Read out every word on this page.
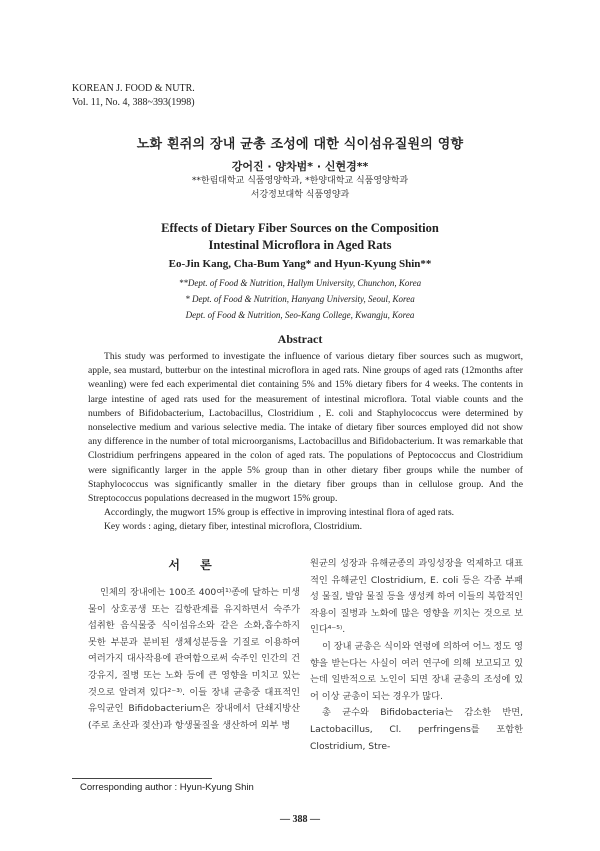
KOREAN J. FOOD & NUTR.
Vol. 11, No. 4, 388~393(1998)
노화 흰쥐의 장내 균총 조성에 대한 식이섬유질원의 영향
강어진 · 양차범* · 신현경**
**한림대학교 식품영양학과, *한양대학교 식품영양학과
서강정보대학 식품영양과
Effects of Dietary Fiber Sources on the Composition
Intestinal Microflora in Aged Rats
Eo-Jin Kang, Cha-Bum Yang* and Hyun-Kyung Shin**
**Dept. of Food & Nutrition, Hallym University, Chunchon, Korea
* Dept. of Food & Nutrition, Hanyang University, Seoul, Korea
Dept. of Food & Nutrition, Seo-Kang College, Kwangju, Korea
Abstract

This study was performed to investigate the influence of various dietary fiber sources such as mugwort, apple, sea mustard, butterbur on the intestinal microflora in aged rats. Nine groups of aged rats (12months after weanling) were fed each experimental diet containing 5% and 15% dietary fibers for 4 weeks. The contents in large intestine of aged rats used for the measurement of intestinal microflora. Total viable counts and the numbers of Bifidobacterium, Lactobacillus, Clostridium , E. coli and Staphylococcus were determined by nonselective medium and various selective media. The intake of dietary fiber sources employed did not show any difference in the number of total microorganisms, Lactobacillus and Bifidobacterium. It was remarkable that Clostridium perfringens appeared in the colon of aged rats. The populations of Peptococcus and Clostridium were significantly larger in the apple 5% group than in other dietary fiber groups while the number of Staphylococcus was significantly smaller in the dietary fiber groups than in cellulose group. And the Streptococcus populations decreased in the mugwort 15% group.

Accordingly, the mugwort 15% group is effective in improving intestinal flora of aged rats.

Key words : aging, dietary fiber, intestinal microflora, Clostridium.

서 론

인체의 장내에는 100조 400여¹⁾종에 달하는 미생물이 상호공생 또는 길항관계를 유지하면서 숙주가 섭취한 음식물중 식이섬유소와 같은 소화,흡수하지 못한 부분과 분비된 생체성분등을 기질로 이용하여 여러가지 대사작용에 관여함으로써 숙주인 인간의 건강유지, 질병 또는 노화 등에 큰 영향을 미치고 있는 것으로 알려져 있다²⁻³⁾. 이들 장내 균총중 대표적인 유익균인 Bifidobacterium은 장내에서 단쇄지방산 (주로 초산과 젖산)과 항생물질을 생산하여 외부 병

원균의 성장과 유해균종의 과잉성장을 억제하고 대표적인 유해균인 Clostridium, E. coli 등은 각종 부패성 물질, 발암 물질 등을 생성케 하여 이들의 복합적인 작용이 질병과 노화에 많은 영향을 끼치는 것으로 보인다⁴⁻⁵⁾.

이 장내 균총은 식이와 연령에 의하여 어느 정도 영향을 받는다는 사실이 여러 연구에 의해 보고되고 있는데 일반적으로 노인이 되면 장내 균총의 조성에 있어 이상 균총이 되는 경우가 많다.

총 균수와 Bifidobacteria는 감소한 반면, Lactobacillus, Cl. perfringens를 포함한 Clostridium, Stre-

Corresponding author : Hyun-Kyung Shin
— 388 —
